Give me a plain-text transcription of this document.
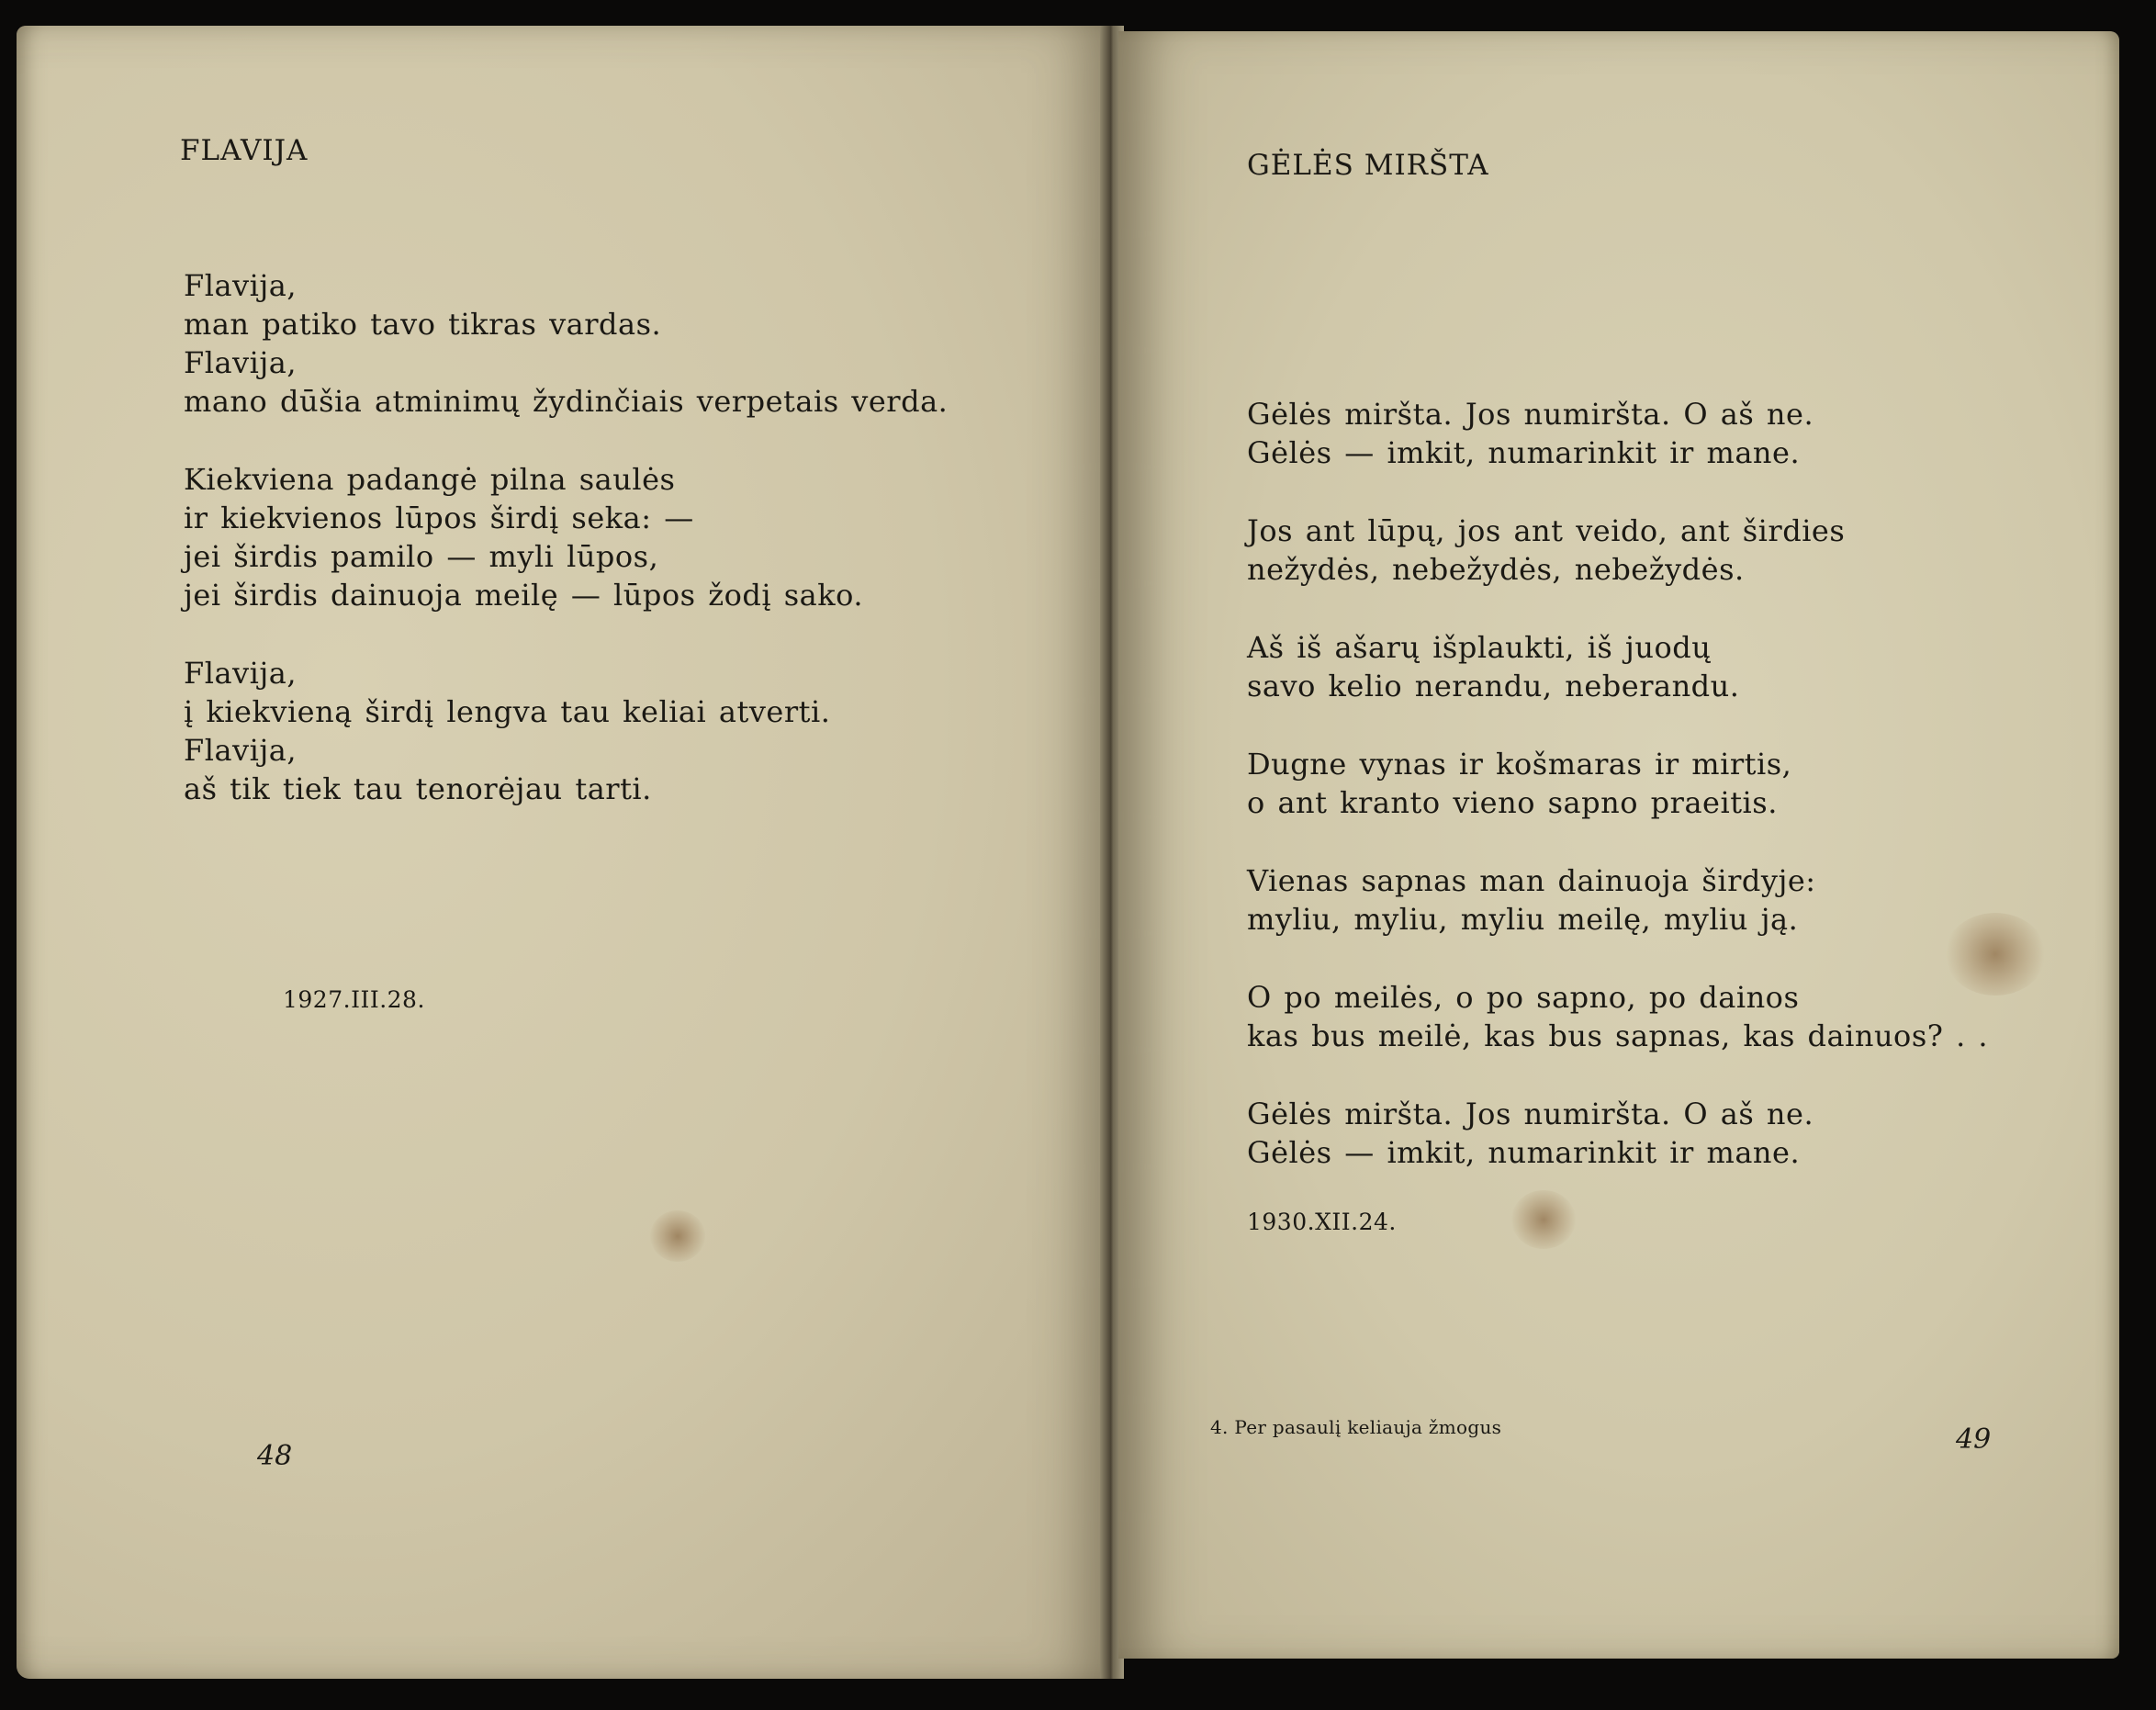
FLAVIJA
Flavija,
man patiko tavo tikras vardas.
Flavija,
mano dūšia atminimų žydinčiais verpetais verda.
Kiekviena padangė pilna saulės
ir kiekvienos lūpos širdį seka: —
jei širdis pamilo — myli lūpos,
jei širdis dainuoja meilę — lūpos žodį sako.
Flavija,
į kiekvieną širdį lengva tau keliai atverti.
Flavija,
aš tik tiek tau tenorėjau tarti.
1927.III.28.
48
GĖLĖS MIRŠTA
Gėlės miršta. Jos numiršta. O aš ne.
Gėlės — imkit, numarinkit ir mane.
Jos ant lūpų, jos ant veido, ant širdies
nežydės, nebežydės, nebežydės.
Aš iš ašarų išplaukti, iš juodų
savo kelio nerandu, neberandu.
Dugne vynas ir košmaras ir mirtis,
o ant kranto vieno sapno praeitis.
Vienas sapnas man dainuoja širdyje:
myliu, myliu, myliu meilę, myliu ją.
O po meilės, o po sapno, po dainos
kas bus meilė, kas bus sapnas, kas dainuos? . .
Gėlės miršta. Jos numiršta. O aš ne.
Gėlės — imkit, numarinkit ir mane.
1930.XII.24.
4. Per pasaulį keliauja žmogus	49
